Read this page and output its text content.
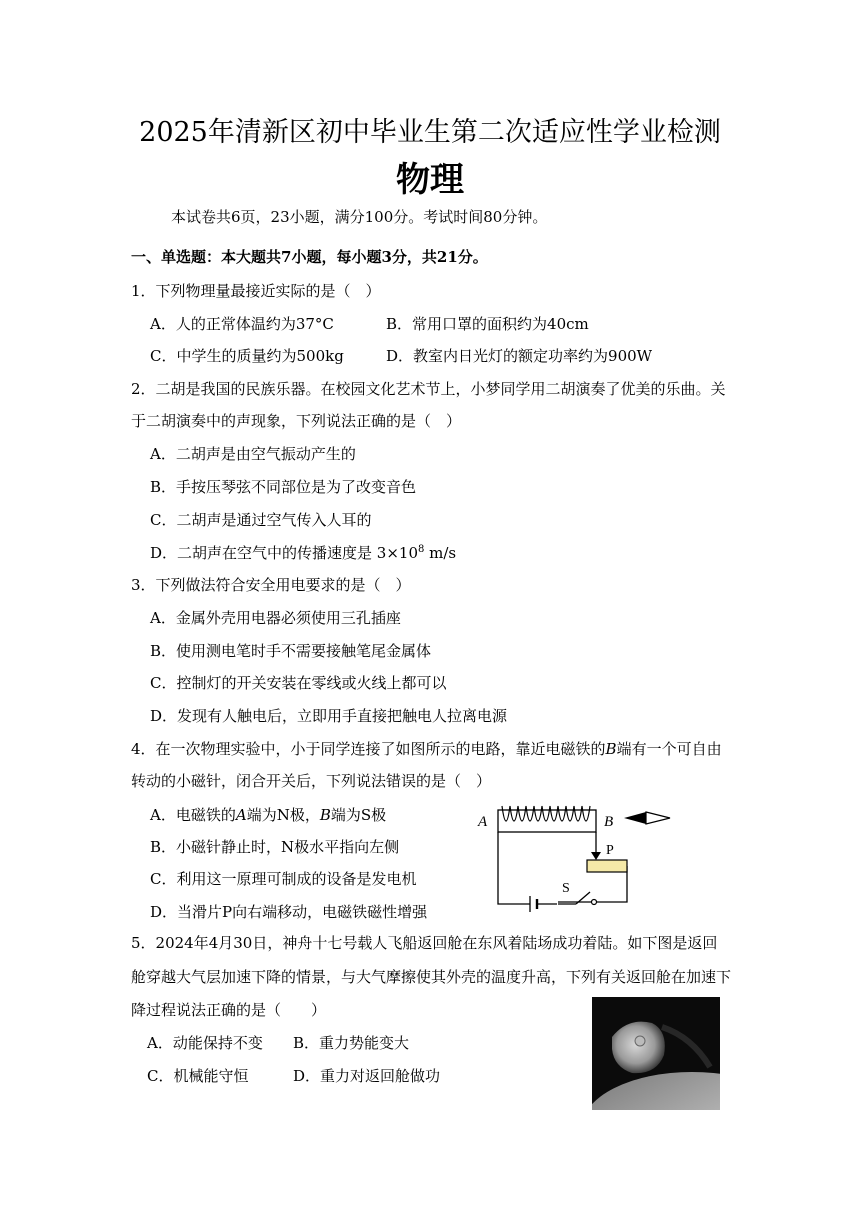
2025年清新区初中毕业生第二次适应性学业检测
物理
本试卷共6页，23小题，满分100分。考试时间80分钟。
一、单选题：本大题共7小题，每小题3分，共21分。
1．下列物理量最接近实际的是（　）
A．人的正常体温约为37°C	B．常用口罩的面积约为40cm
C．中学生的质量约为500kg	D．教室内日光灯的额定功率约为900W
2．二胡是我国的民族乐器。在校园文化艺术节上，小梦同学用二胡演奏了优美的乐曲。关
于二胡演奏中的声现象，下列说法正确的是（　）
A．二胡声是由空气振动产生的
B．手按压琴弦不同部位是为了改变音色
C．二胡声是通过空气传入人耳的
D．二胡声在空气中的传播速度是 $3\times 10^8$ m/s
3．下列做法符合安全用电要求的是（　）
A．金属外壳用电器必须使用三孔插座
B．使用测电笔时手不需要接触笔尾金属体
C．控制灯的开关安装在零线或火线上都可以
D．发现有人触电后，立即用手直接把触电人拉离电源
4．在一次物理实验中，小于同学连接了如图所示的电路，靠近电磁铁的B端有一个可自由
转动的小磁针，闭合开关后，下列说法错误的是（　）
A．电磁铁的A端为N极，B端为S极
B．小磁针静止时，N极水平指向左侧
C．利用这一原理可制成的设备是发电机
D．当滑片P向右端移动，电磁铁磁性增强
A	B
P
S
5．2024年4月30日，神舟十七号载人飞船返回舱在东风着陆场成功着陆。如下图是返回
舱穿越大气层加速下降的情景，与大气摩擦使其外壳的温度升高，下列有关返回舱在加速下
降过程说法正确的是（　　）
A．动能保持不变 B．重力势能变大
C．机械能守恒	D．重力对返回舱做功
